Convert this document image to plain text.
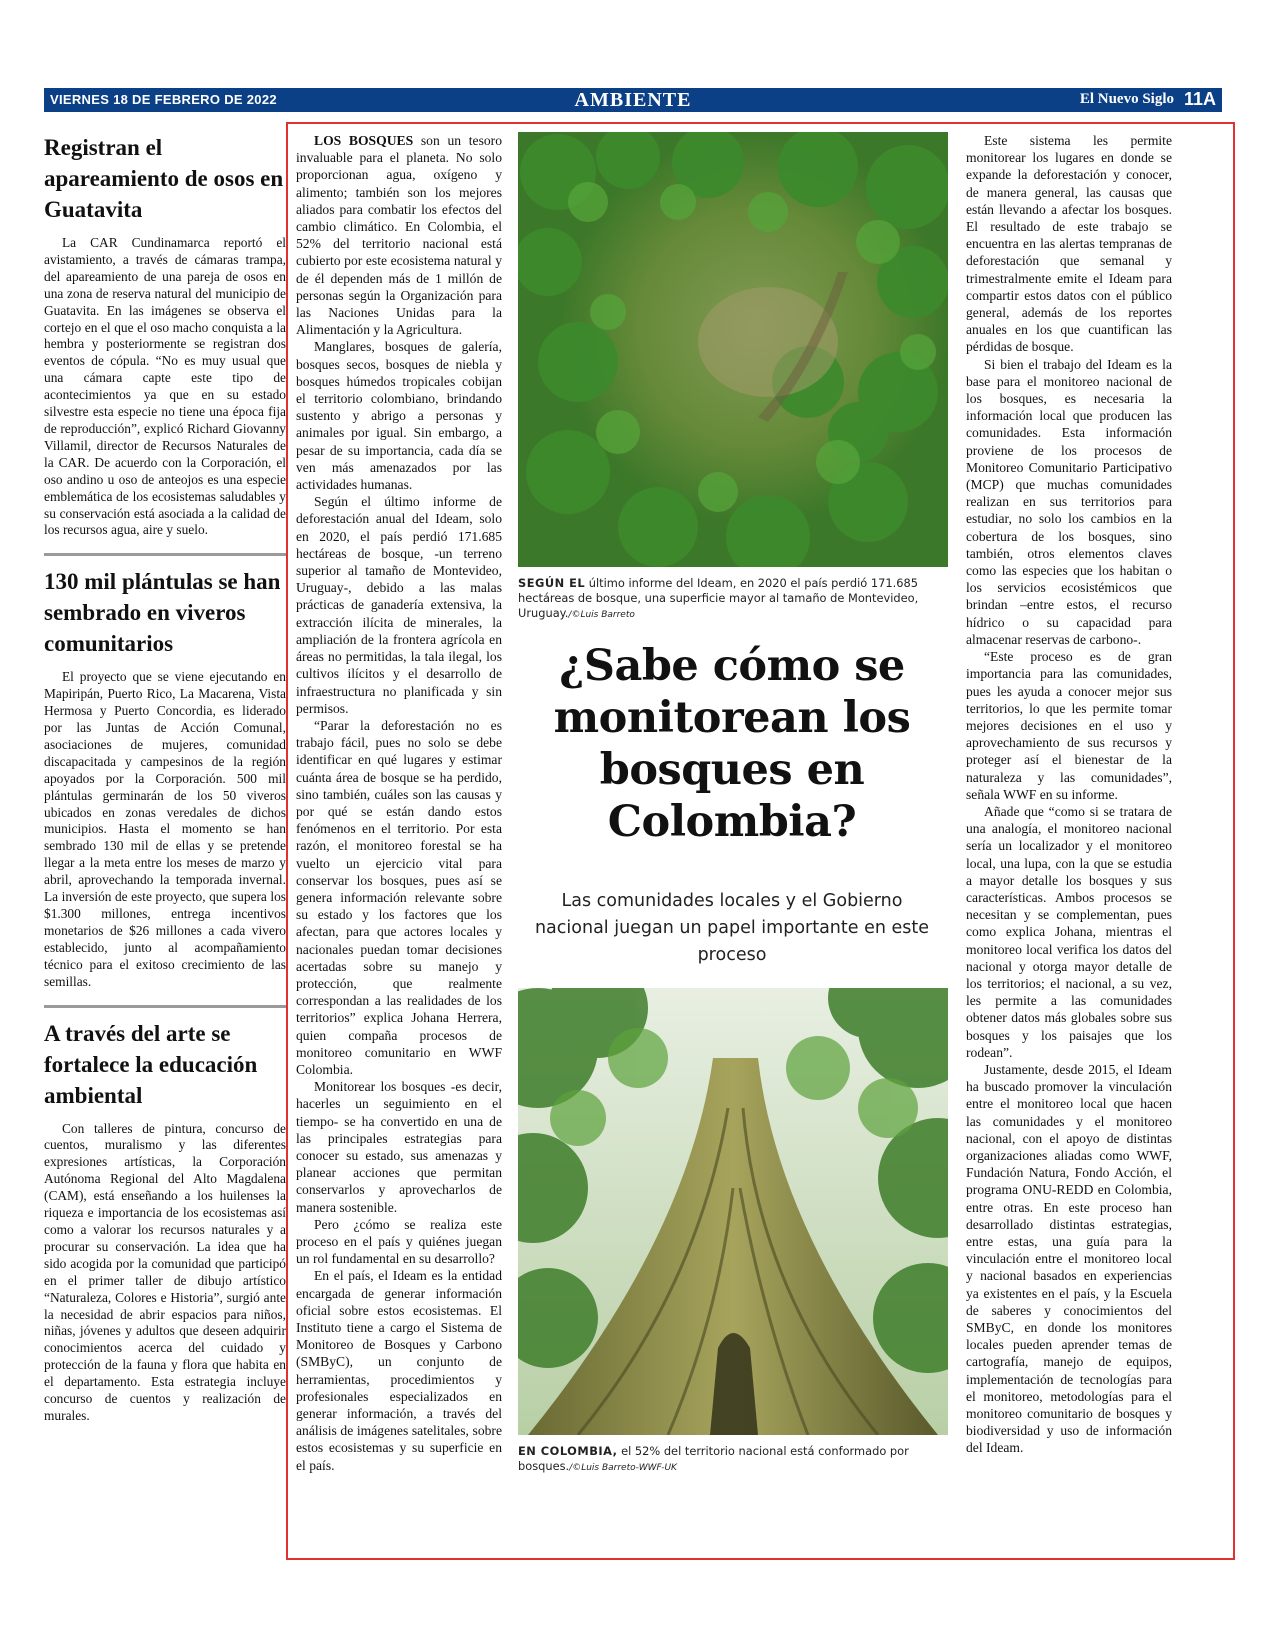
VIERNES 18 DE FEBRERO DE 2022	AMBIENTE	El Nuevo Siglo 11A
Registran el apareamiento de osos en Guatavita

La CAR Cundinamarca reportó el avistamiento, a través de cámaras trampa, del apareamiento de una pareja de osos en una zona de reserva natural del municipio de Guatavita. En las imágenes se observa el cortejo en el que el oso macho conquista a la hembra y posteriormente se registran dos eventos de cópula. “No es muy usual que una cámara capte este tipo de acontecimientos ya que en su estado silvestre esta especie no tiene una época fija de reproducción”, explicó Richard Giovanny Villamil, director de Recursos Naturales de la CAR. De acuerdo con la Corporación, el oso andino u oso de anteojos es una especie emblemática de los ecosistemas saludables y su conservación está asociada a la calidad de los recursos agua, aire y suelo.

130 mil plántulas se han sembrado en viveros comunitarios

El proyecto que se viene ejecutando en Mapiripán, Puerto Rico, La Macarena, Vista Hermosa y Puerto Concordia, es liderado por las Juntas de Acción Comunal, asociaciones de mujeres, comunidad discapacitada y campesinos de la región apoyados por la Corporación. 500 mil plántulas germinarán de los 50 viveros ubicados en zonas veredales de dichos municipios. Hasta el momento se han sembrado 130 mil de ellas y se pretende llegar a la meta entre los meses de marzo y abril, aprovechando la temporada invernal. La inversión de este proyecto, que supera los $1.300 millones, entrega incentivos monetarios de $26 millones a cada vivero establecido, junto al acompañamiento técnico para el exitoso crecimiento de las semillas.

A través del arte se fortalece la educación ambiental

Con talleres de pintura, concurso de cuentos, muralismo y las diferentes expresiones artísticas, la Corporación Autónoma Regional del Alto Magdalena (CAM), está enseñando a los huilenses la riqueza e importancia de los ecosistemas así como a valorar los recursos naturales y a procurar su conservación. La idea que ha sido acogida por la comunidad que participó en el primer taller de dibujo artístico “Naturaleza, Colores e Historia”, surgió ante la necesidad de abrir espacios para niños, niñas, jóvenes y adultos que deseen adquirir conocimientos acerca del cuidado y protección de la fauna y flora que habita en el departamento. Esta estrategia incluye concurso de cuentos y realización de murales.

LOS BOSQUES son un tesoro invaluable para el planeta. No solo proporcionan agua, oxígeno y alimento; también son los mejores aliados para combatir los efectos del cambio climático. En Colombia, el 52% del territorio nacional está cubierto por este ecosistema natural y de él dependen más de 1 millón de personas según la Organización para las Naciones Unidas para la Alimentación y la Agricultura.

Manglares, bosques de galería, bosques secos, bosques de niebla y bosques húmedos tropicales cobijan el territorio colombiano, brindando sustento y abrigo a personas y animales por igual. Sin embargo, a pesar de su importancia, cada día se ven más amenazados por las actividades humanas.

Según el último informe de deforestación anual del Ideam, solo en 2020, el país perdió 171.685 hectáreas de bosque, -un terreno superior al tamaño de Montevideo, Uruguay-, debido a las malas prácticas de ganadería extensiva, la extracción ilícita de minerales, la ampliación de la frontera agrícola en áreas no permitidas, la tala ilegal, los cultivos ilícitos y el desarrollo de infraestructura no planificada y sin permisos.

“Parar la deforestación no es trabajo fácil, pues no solo se debe identificar en qué lugares y estimar cuánta área de bosque se ha perdido, sino también, cuáles son las causas y por qué se están dando estos fenómenos en el territorio. Por esta razón, el monitoreo forestal se ha vuelto un ejercicio vital para conservar los bosques, pues así se genera información relevante sobre su estado y los factores que los afectan, para que actores locales y nacionales puedan tomar decisiones acertadas sobre su manejo y protección, que realmente correspondan a las realidades de los territorios” explica Johana Herrera, quien compaña procesos de monitoreo comunitario en WWF Colombia.

Monitorear los bosques -es decir, hacerles un seguimiento en el tiempo- se ha convertido en una de las principales estrategias para conocer su estado, sus amenazas y planear acciones que permitan conservarlos y aprovecharlos de manera sostenible.

Pero ¿cómo se realiza este proceso en el país y quiénes juegan un rol fundamental en su desarrollo?

En el país, el Ideam es la entidad encargada de generar información oficial sobre estos ecosistemas. El Instituto tiene a cargo el Sistema de Monitoreo de Bosques y Carbono (SMByC), un conjunto de herramientas, procedimientos y profesionales especializados en generar información, a través del análisis de imágenes satelitales, sobre estos ecosistemas y su superficie en el país.

SEGÚN EL último informe del Ideam, en 2020 el país perdió 171.685 hectáreas de bosque, una superficie mayor al tamaño de Montevideo, Uruguay./©Luis Barreto
¿Sabe cómo se monitorean los bosques en Colombia?
Las comunidades locales y el Gobierno nacional juegan un papel importante en este proceso
EN COLOMBIA, el 52% del territorio nacional está conformado por bosques./©Luis Barreto-WWF-UK

Este sistema les permite monitorear los lugares en donde se expande la deforestación y conocer, de manera general, las causas que están llevando a afectar los bosques. El resultado de este trabajo se encuentra en las alertas tempranas de deforestación que semanal y trimestralmente emite el Ideam para compartir estos datos con el público general, además de los reportes anuales en los que cuantifican las pérdidas de bosque.

Si bien el trabajo del Ideam es la base para el monitoreo nacional de los bosques, es necesaria la información local que producen las comunidades. Esta información proviene de los procesos de Monitoreo Comunitario Participativo (MCP) que muchas comunidades realizan en sus territorios para estudiar, no solo los cambios en la cobertura de los bosques, sino también, otros elementos claves como las especies que los habitan o los servicios ecosistémicos que brindan –entre estos, el recurso hídrico o su capacidad para almacenar reservas de carbono-.

“Este proceso es de gran importancia para las comunidades, pues les ayuda a conocer mejor sus territorios, lo que les permite tomar mejores decisiones en el uso y aprovechamiento de sus recursos y proteger así el bienestar de la naturaleza y las comunidades”, señala WWF en su informe.

Añade que “como si se tratara de una analogía, el monitoreo nacional sería un localizador y el monitoreo local, una lupa, con la que se estudia a mayor detalle los bosques y sus características. Ambos procesos se necesitan y se complementan, pues como explica Johana, mientras el monitoreo local verifica los datos del nacional y otorga mayor detalle de los territorios; el nacional, a su vez, les permite a las comunidades obtener datos más globales sobre sus bosques y los paisajes que los rodean”.

Justamente, desde 2015, el Ideam ha buscado promover la vinculación entre el monitoreo local que hacen las comunidades y el monitoreo nacional, con el apoyo de distintas organizaciones aliadas como WWF, Fundación Natura, Fondo Acción, el programa ONU-REDD en Colombia, entre otras. En este proceso han desarrollado distintas estrategias, entre estas, una guía para la vinculación entre el monitoreo local y nacional basados en experiencias ya existentes en el país, y la Escuela de saberes y conocimientos del SMByC, en donde los monitores locales pueden aprender temas de cartografía, manejo de equipos, implementación de tecnologías para el monitoreo, metodologías para el monitoreo comunitario de bosques y biodiversidad y uso de información del Ideam.
